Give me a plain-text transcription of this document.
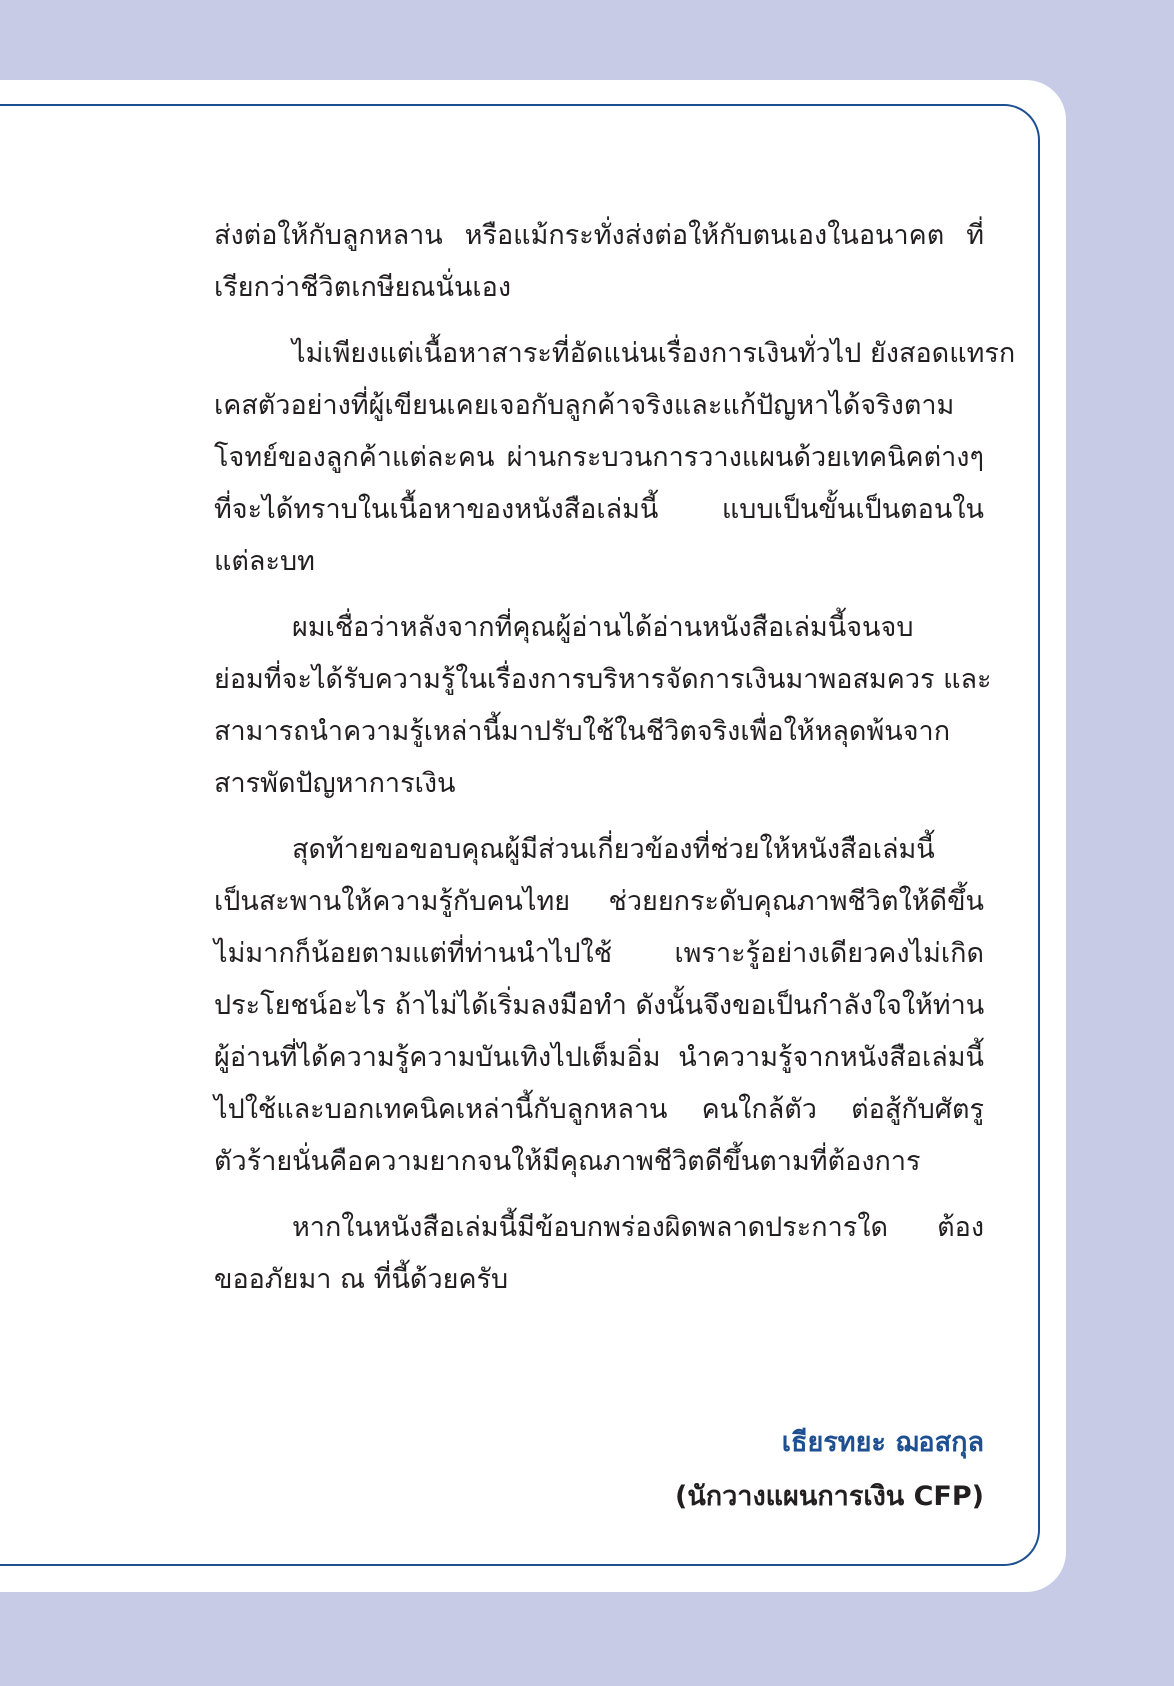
ส่งต่อให้กับลูกหลาน หรือแม้กระทั่งส่งต่อให้กับตนเองในอนาคต ที่
เรียกว่าชีวิตเกษียณนั่นเอง

ไม่เพียงแต่เนื้อหาสาระที่อัดแน่นเรื่องการเงินทั่วไป ยังสอดแทรก
เคสตัวอย่างที่ผู้เขียนเคยเจอกับลูกค้าจริงและแก้ปัญหาได้จริงตาม
โจทย์ของลูกค้าแต่ละคน ผ่านกระบวนการวางแผนด้วยเทคนิคต่างๆ
ที่จะได้ทราบในเนื้อหาของหนังสือเล่มนี้ แบบเป็นขั้นเป็นตอนใน
แต่ละบท

ผมเชื่อว่าหลังจากที่คุณผู้อ่านได้อ่านหนังสือเล่มนี้จนจบ
ย่อมที่จะได้รับความรู้ในเรื่องการบริหารจัดการเงินมาพอสมควร และ
สามารถนำความรู้เหล่านี้มาปรับใช้ในชีวิตจริงเพื่อให้หลุดพ้นจาก
สารพัดปัญหาการเงิน

สุดท้ายขอขอบคุณผู้มีส่วนเกี่ยวข้องที่ช่วยให้หนังสือเล่มนี้
เป็นสะพานให้ความรู้กับคนไทย ช่วยยกระดับคุณภาพชีวิตให้ดีขึ้น
ไม่มากก็น้อยตามแต่ที่ท่านนำไปใช้ เพราะรู้อย่างเดียวคงไม่เกิด
ประโยชน์อะไร ถ้าไม่ได้เริ่มลงมือทำ ดังนั้นจึงขอเป็นกำลังใจให้ท่าน
ผู้อ่านที่ได้ความรู้ความบันเทิงไปเต็มอิ่ม นำความรู้จากหนังสือเล่มนี้
ไปใช้และบอกเทคนิคเหล่านี้กับลูกหลาน คนใกล้ตัว ต่อสู้กับศัตรู
ตัวร้ายนั่นคือความยากจนให้มีคุณภาพชีวิตดีขึ้นตามที่ต้องการ

หากในหนังสือเล่มนี้มีข้อบกพร่องผิดพลาดประการใด ต้อง
ขออภัยมา ณ ที่นี้ด้วยครับ

เธียรทยะ ฌอสกุล
(นักวางแผนการเงิน CFP)
